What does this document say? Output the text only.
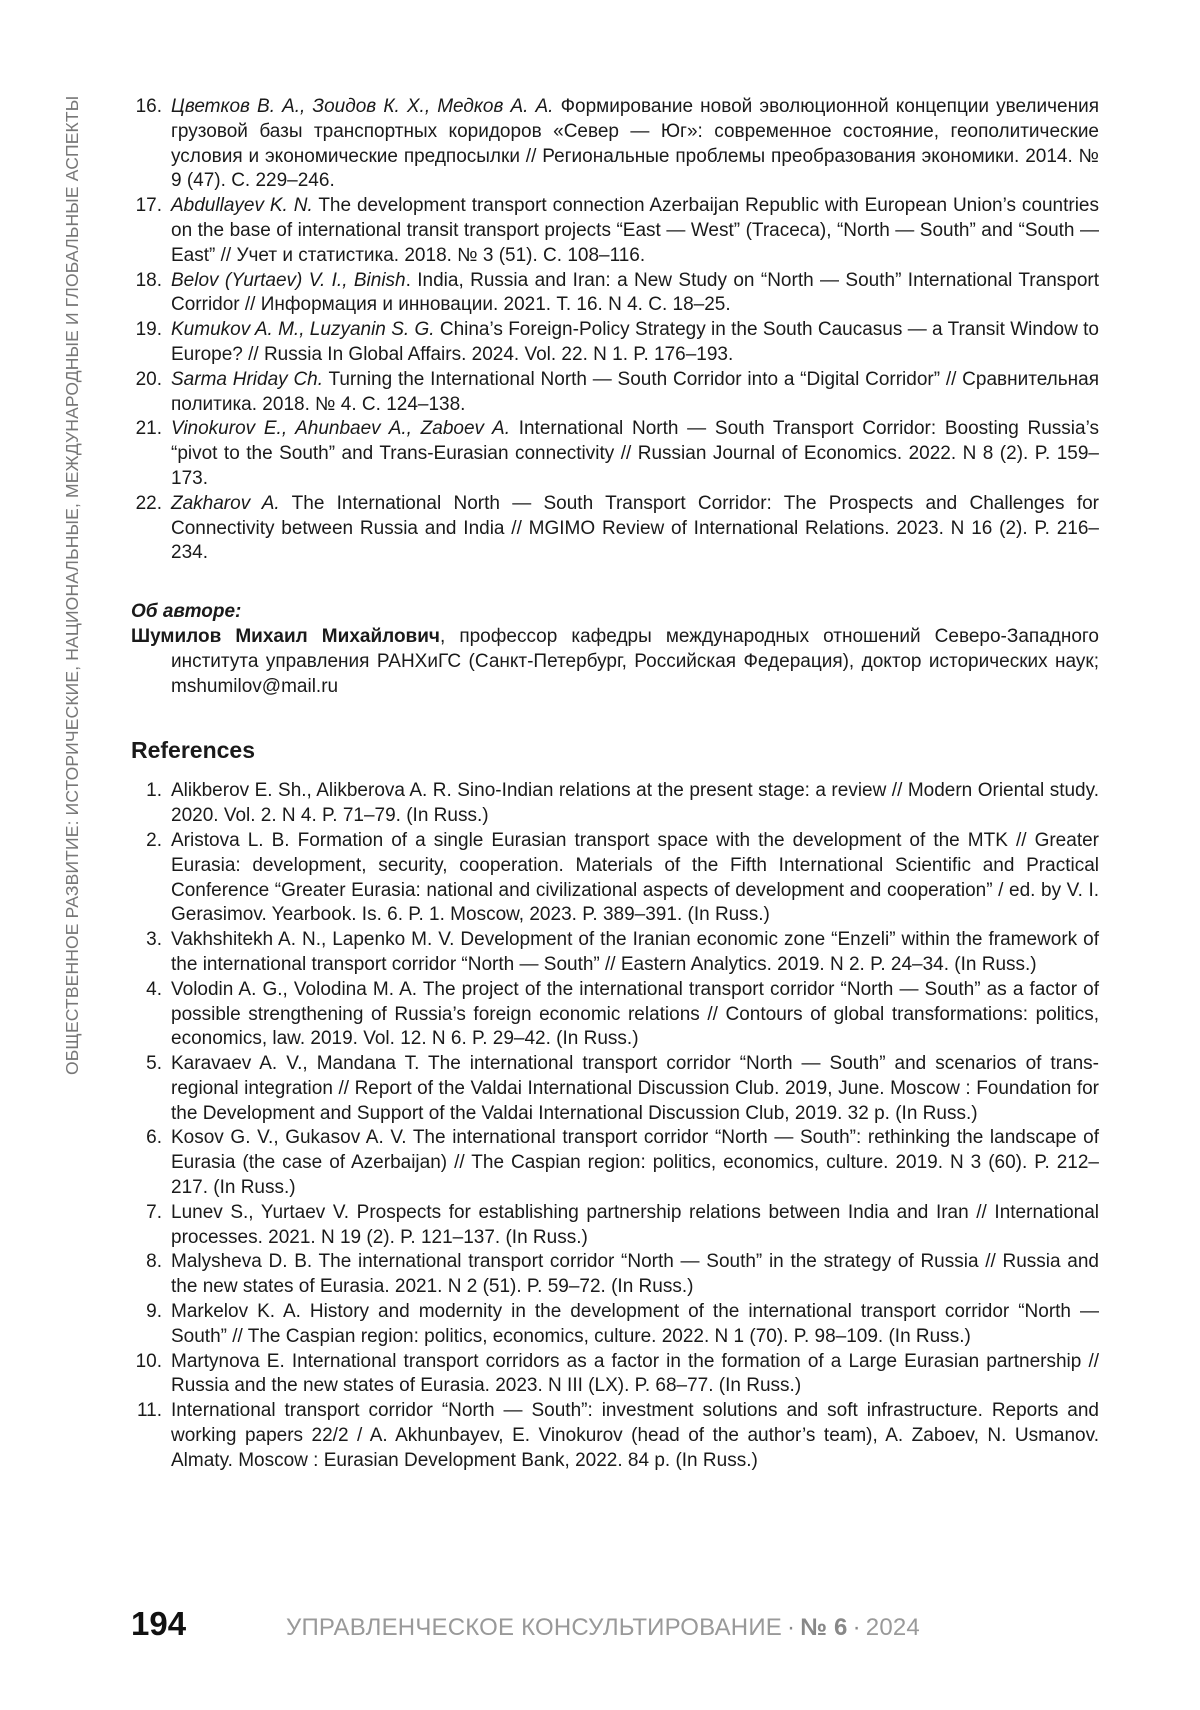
ОБЩЕСТВЕННОЕ РАЗВИТИЕ: ИСТОРИЧЕСКИЕ, НАЦИОНАЛЬНЫЕ, МЕЖДУНАРОДНЫЕ И ГЛОБАЛЬНЫЕ АСПЕКТЫ	16. Цветков В. А., Зоидов К. Х., Медков А. А. Формирование новой эволюционной концепции увеличения грузовой базы транспортных коридоров «Север — Юг»: современное состояние, геополитические условия и экономические предпосылки // Региональные проблемы преобразования экономики. 2014. № 9 (47). С. 229–246.
17. Abdullayev K. N. The development transport connection Azerbaijan Republic with European Union’s countries on the base of international transit transport projects “East — West” (Traceca), “North — South” and “South — East” // Учет и статистика. 2018. № 3 (51). С. 108–116.
18. Belov (Yurtaev) V. I., Binish. India, Russia and Iran: a New Study on “North — South” International Transport Corridor // Информация и инновации. 2021. Т. 16. N 4. С. 18–25.
19. Kumukov A. M., Luzyanin S. G. China’s Foreign-Policy Strategy in the South Caucasus — a Transit Window to Europe? // Russia In Global Affairs. 2024. Vol. 22. N 1. P. 176–193.
20. Sarma Hriday Ch. Turning the International North — South Corridor into a “Digital Corridor” // Сравнительная политика. 2018. № 4. С. 124–138.
21. Vinokurov E., Ahunbaev A., Zaboev A. International North — South Transport Corridor: Boosting Russia’s “pivot to the South” and Trans-Eurasian connectivity // Russian Journal of Economics. 2022. N 8 (2). P. 159–173.
22. Zakharov A. The International North — South Transport Corridor: The Prospects and Challenges for Connectivity between Russia and India // MGIMO Review of International Relations. 2023. N 16 (2). P. 216–234.
Об авторе:
Шумилов Михаил Михайлович, профессор кафедры международных отношений Северо-Западного института управления РАНХиГС (Санкт-Петербург, Российская Федерация), доктор исторических наук; mshumilov@mail.ru
References
1. Alikberov E. Sh., Alikberova A. R. Sino-Indian relations at the present stage: a review // Modern Oriental study. 2020. Vol. 2. N 4. P. 71–79. (In Russ.)
2. Aristova L. B. Formation of a single Eurasian transport space with the development of the MTK // Greater Eurasia: development, security, cooperation. Materials of the Fifth International Scientific and Practical Conference “Greater Eurasia: national and civilizational aspects of development and cooperation” / ed. by V. I. Gerasimov. Yearbook. Is. 6. P. 1. Moscow, 2023. P. 389–391. (In Russ.)
3. Vakhshitekh A. N., Lapenko M. V. Development of the Iranian economic zone “Enzeli” within the framework of the international transport corridor “North — South” // Eastern Analytics. 2019. N 2. P. 24–34. (In Russ.)
4. Volodin A. G., Volodina M. A. The project of the international transport corridor “North — South” as a factor of possible strengthening of Russia’s foreign economic relations // Contours of global transformations: politics, economics, law. 2019. Vol. 12. N 6. P. 29–42. (In Russ.)
5. Karavaev A. V., Mandana T. The international transport corridor “North — South” and scenarios of trans-regional integration // Report of the Valdai International Discussion Club. 2019, June. Moscow : Foundation for the Development and Support of the Valdai International Discussion Club, 2019. 32 p. (In Russ.)
6. Kosov G. V., Gukasov A. V. The international transport corridor “North — South”: rethinking the landscape of Eurasia (the case of Azerbaijan) // The Caspian region: politics, economics, culture. 2019. N 3 (60). P. 212–217. (In Russ.)
7. Lunev S., Yurtaev V. Prospects for establishing partnership relations between India and Iran // International processes. 2021. N 19 (2). P. 121–137. (In Russ.)
8. Malysheva D. B. The international transport corridor “North — South” in the strategy of Russia // Russia and the new states of Eurasia. 2021. N 2 (51). P. 59–72. (In Russ.)
9. Markelov K. A. History and modernity in the development of the international transport corridor “North — South” // The Caspian region: politics, economics, culture. 2022. N 1 (70). P. 98–109. (In Russ.)
10. Martynova E. International transport corridors as a factor in the formation of a Large Eurasian partnership // Russia and the new states of Eurasia. 2023. N III (LX). P. 68–77. (In Russ.)
11. International transport corridor “North — South”: investment solutions and soft infrastructure. Reports and working papers 22/2 / A. Akhunbayev, E. Vinokurov (head of the author’s team), A. Zaboev, N. Usmanov. Almaty. Moscow : Eurasian Development Bank, 2022. 84 p. (In Russ.)
194	УПРАВЛЕНЧЕСКОЕ КОНСУЛЬТИРОВАНИЕ · № 6 · 2024
